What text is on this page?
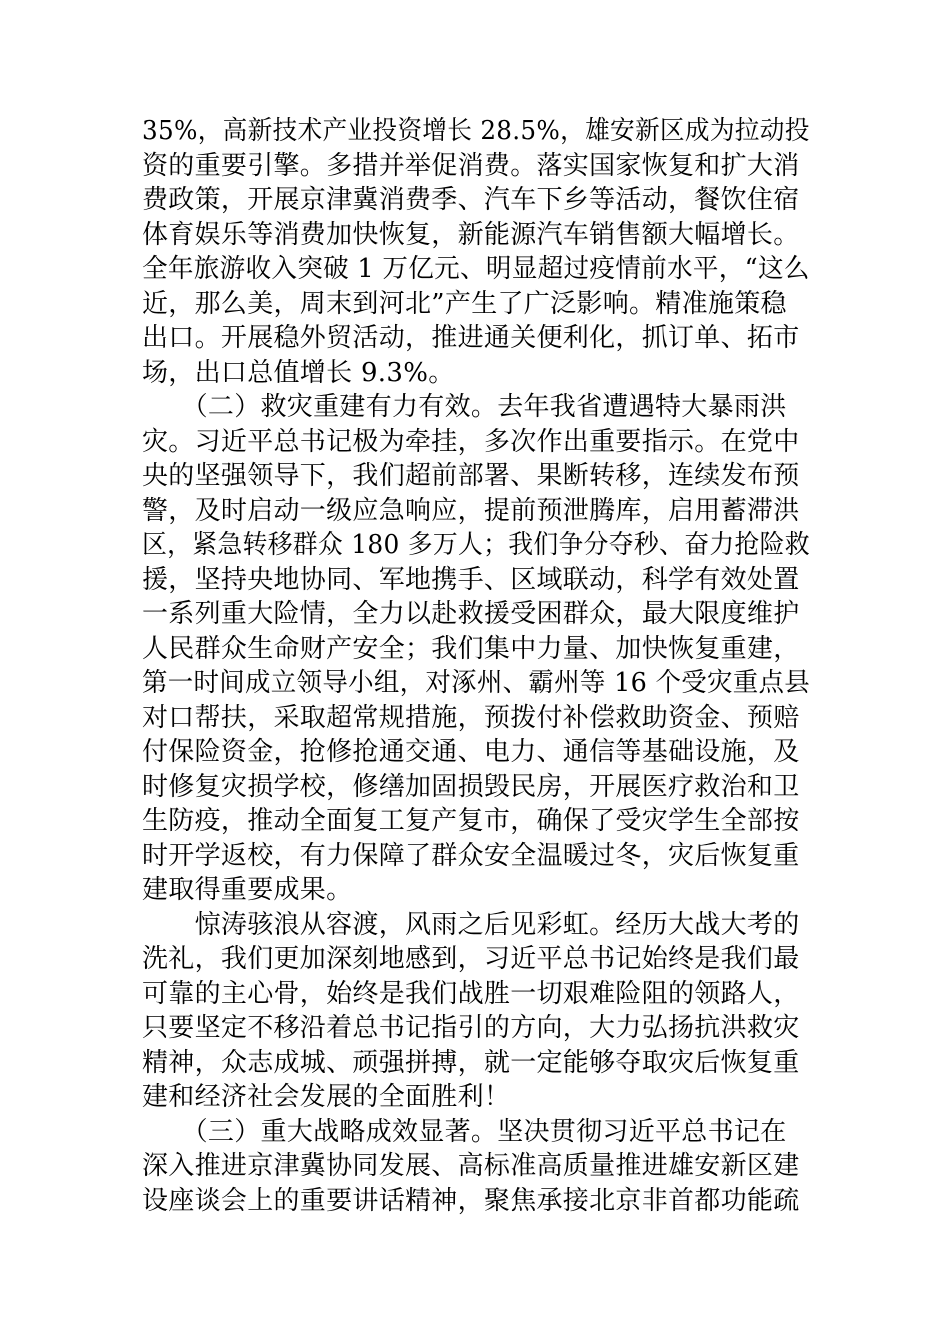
35%，高新技术产业投资增长 28.5%，雄安新区成为拉动投
资的重要引擎。多措并举促消费。落实国家恢复和扩大消
费政策，开展京津冀消费季、汽车下乡等活动，餐饮住宿
体育娱乐等消费加快恢复，新能源汽车销售额大幅增长。
全年旅游收入突破 1 万亿元、明显超过疫情前水平，“这么
近，那么美，周末到河北”产生了广泛影响。精准施策稳
出口。开展稳外贸活动，推进通关便利化，抓订单、拓市
场，出口总值增长 9.3%。
　　（二）救灾重建有力有效。去年我省遭遇特大暴雨洪
灾。习近平总书记极为牵挂，多次作出重要指示。在党中
央的坚强领导下，我们超前部署、果断转移，连续发布预
警，及时启动一级应急响应，提前预泄腾库，启用蓄滞洪
区，紧急转移群众 180 多万人；我们争分夺秒、奋力抢险救
援，坚持央地协同、军地携手、区域联动，科学有效处置
一系列重大险情，全力以赴救援受困群众，最大限度维护
人民群众生命财产安全；我们集中力量、加快恢复重建，
第一时间成立领导小组，对涿州、霸州等 16 个受灾重点县
对口帮扶，采取超常规措施，预拨付补偿救助资金、预赔
付保险资金，抢修抢通交通、电力、通信等基础设施，及
时修复灾损学校，修缮加固损毁民房，开展医疗救治和卫
生防疫，推动全面复工复产复市，确保了受灾学生全部按
时开学返校，有力保障了群众安全温暖过冬，灾后恢复重
建取得重要成果。
　　惊涛骇浪从容渡，风雨之后见彩虹。经历大战大考的
洗礼，我们更加深刻地感到，习近平总书记始终是我们最
可靠的主心骨，始终是我们战胜一切艰难险阻的领路人，
只要坚定不移沿着总书记指引的方向，大力弘扬抗洪救灾
精神，众志成城、顽强拼搏，就一定能够夺取灾后恢复重
建和经济社会发展的全面胜利！
　　（三）重大战略成效显著。坚决贯彻习近平总书记在
深入推进京津冀协同发展、高标准高质量推进雄安新区建
设座谈会上的重要讲话精神，聚焦承接北京非首都功能疏
